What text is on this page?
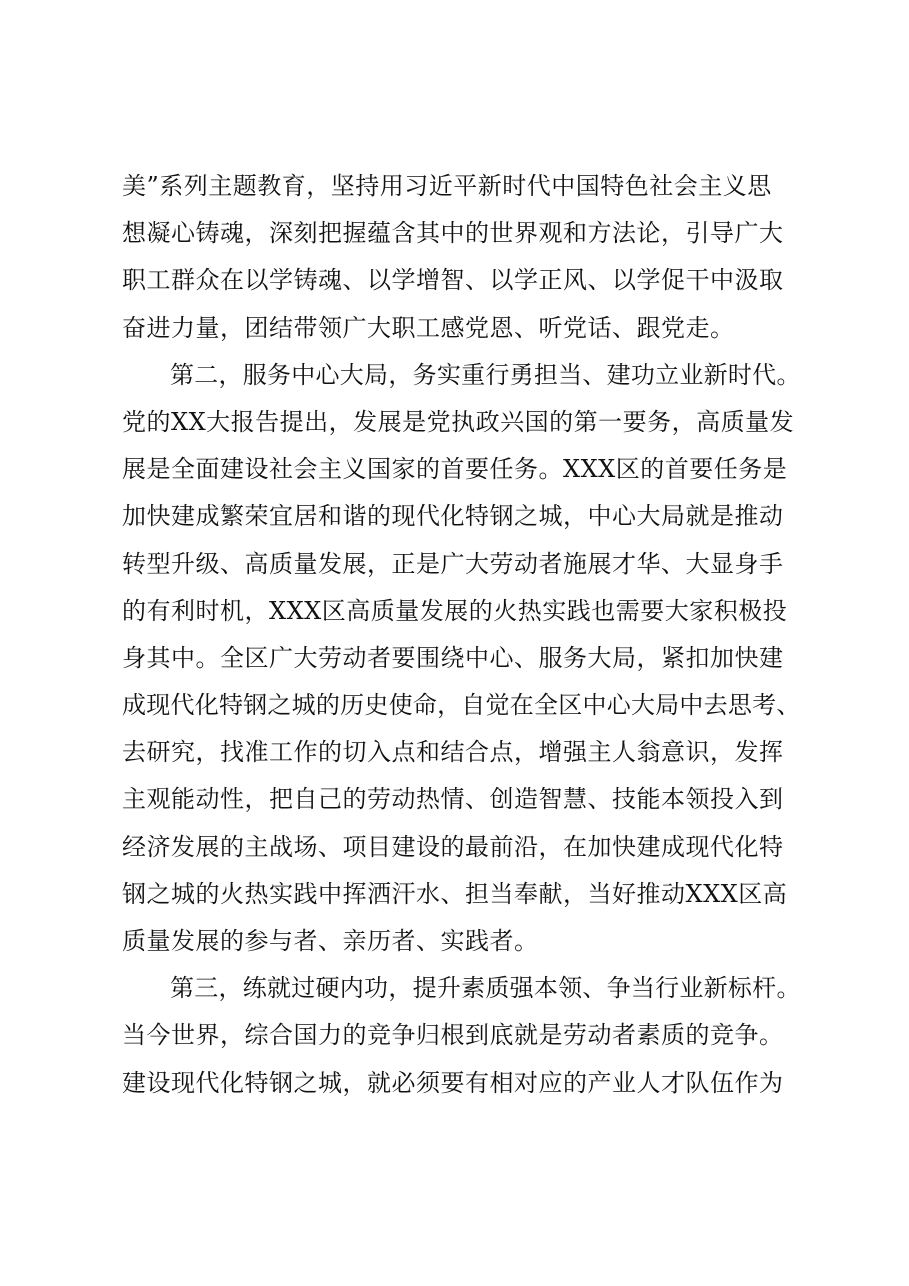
美”系列主题教育，坚持用习近平新时代中国特色社会主义思
想凝心铸魂，深刻把握蕴含其中的世界观和方法论，引导广大
职工群众在以学铸魂、以学增智、以学正风、以学促干中汲取
奋进力量，团结带领广大职工感党恩、听党话、跟党走。
第二，服务中心大局，务实重行勇担当、建功立业新时代。
党的XX大报告提出，发展是党执政兴国的第一要务，高质量发
展是全面建设社会主义国家的首要任务。XXX区的首要任务是
加快建成繁荣宜居和谐的现代化特钢之城，中心大局就是推动
转型升级、高质量发展，正是广大劳动者施展才华、大显身手
的有利时机，XXX区高质量发展的火热实践也需要大家积极投
身其中。全区广大劳动者要围绕中心、服务大局，紧扣加快建
成现代化特钢之城的历史使命，自觉在全区中心大局中去思考、
去研究，找准工作的切入点和结合点，增强主人翁意识，发挥
主观能动性，把自己的劳动热情、创造智慧、技能本领投入到
经济发展的主战场、项目建设的最前沿，在加快建成现代化特
钢之城的火热实践中挥洒汗水、担当奉献，当好推动XXX区高
质量发展的参与者、亲历者、实践者。
第三，练就过硬内功，提升素质强本领、争当行业新标杆。
当今世界，综合国力的竞争归根到底就是劳动者素质的竞争。
建设现代化特钢之城，就必须要有相对应的产业人才队伍作为
